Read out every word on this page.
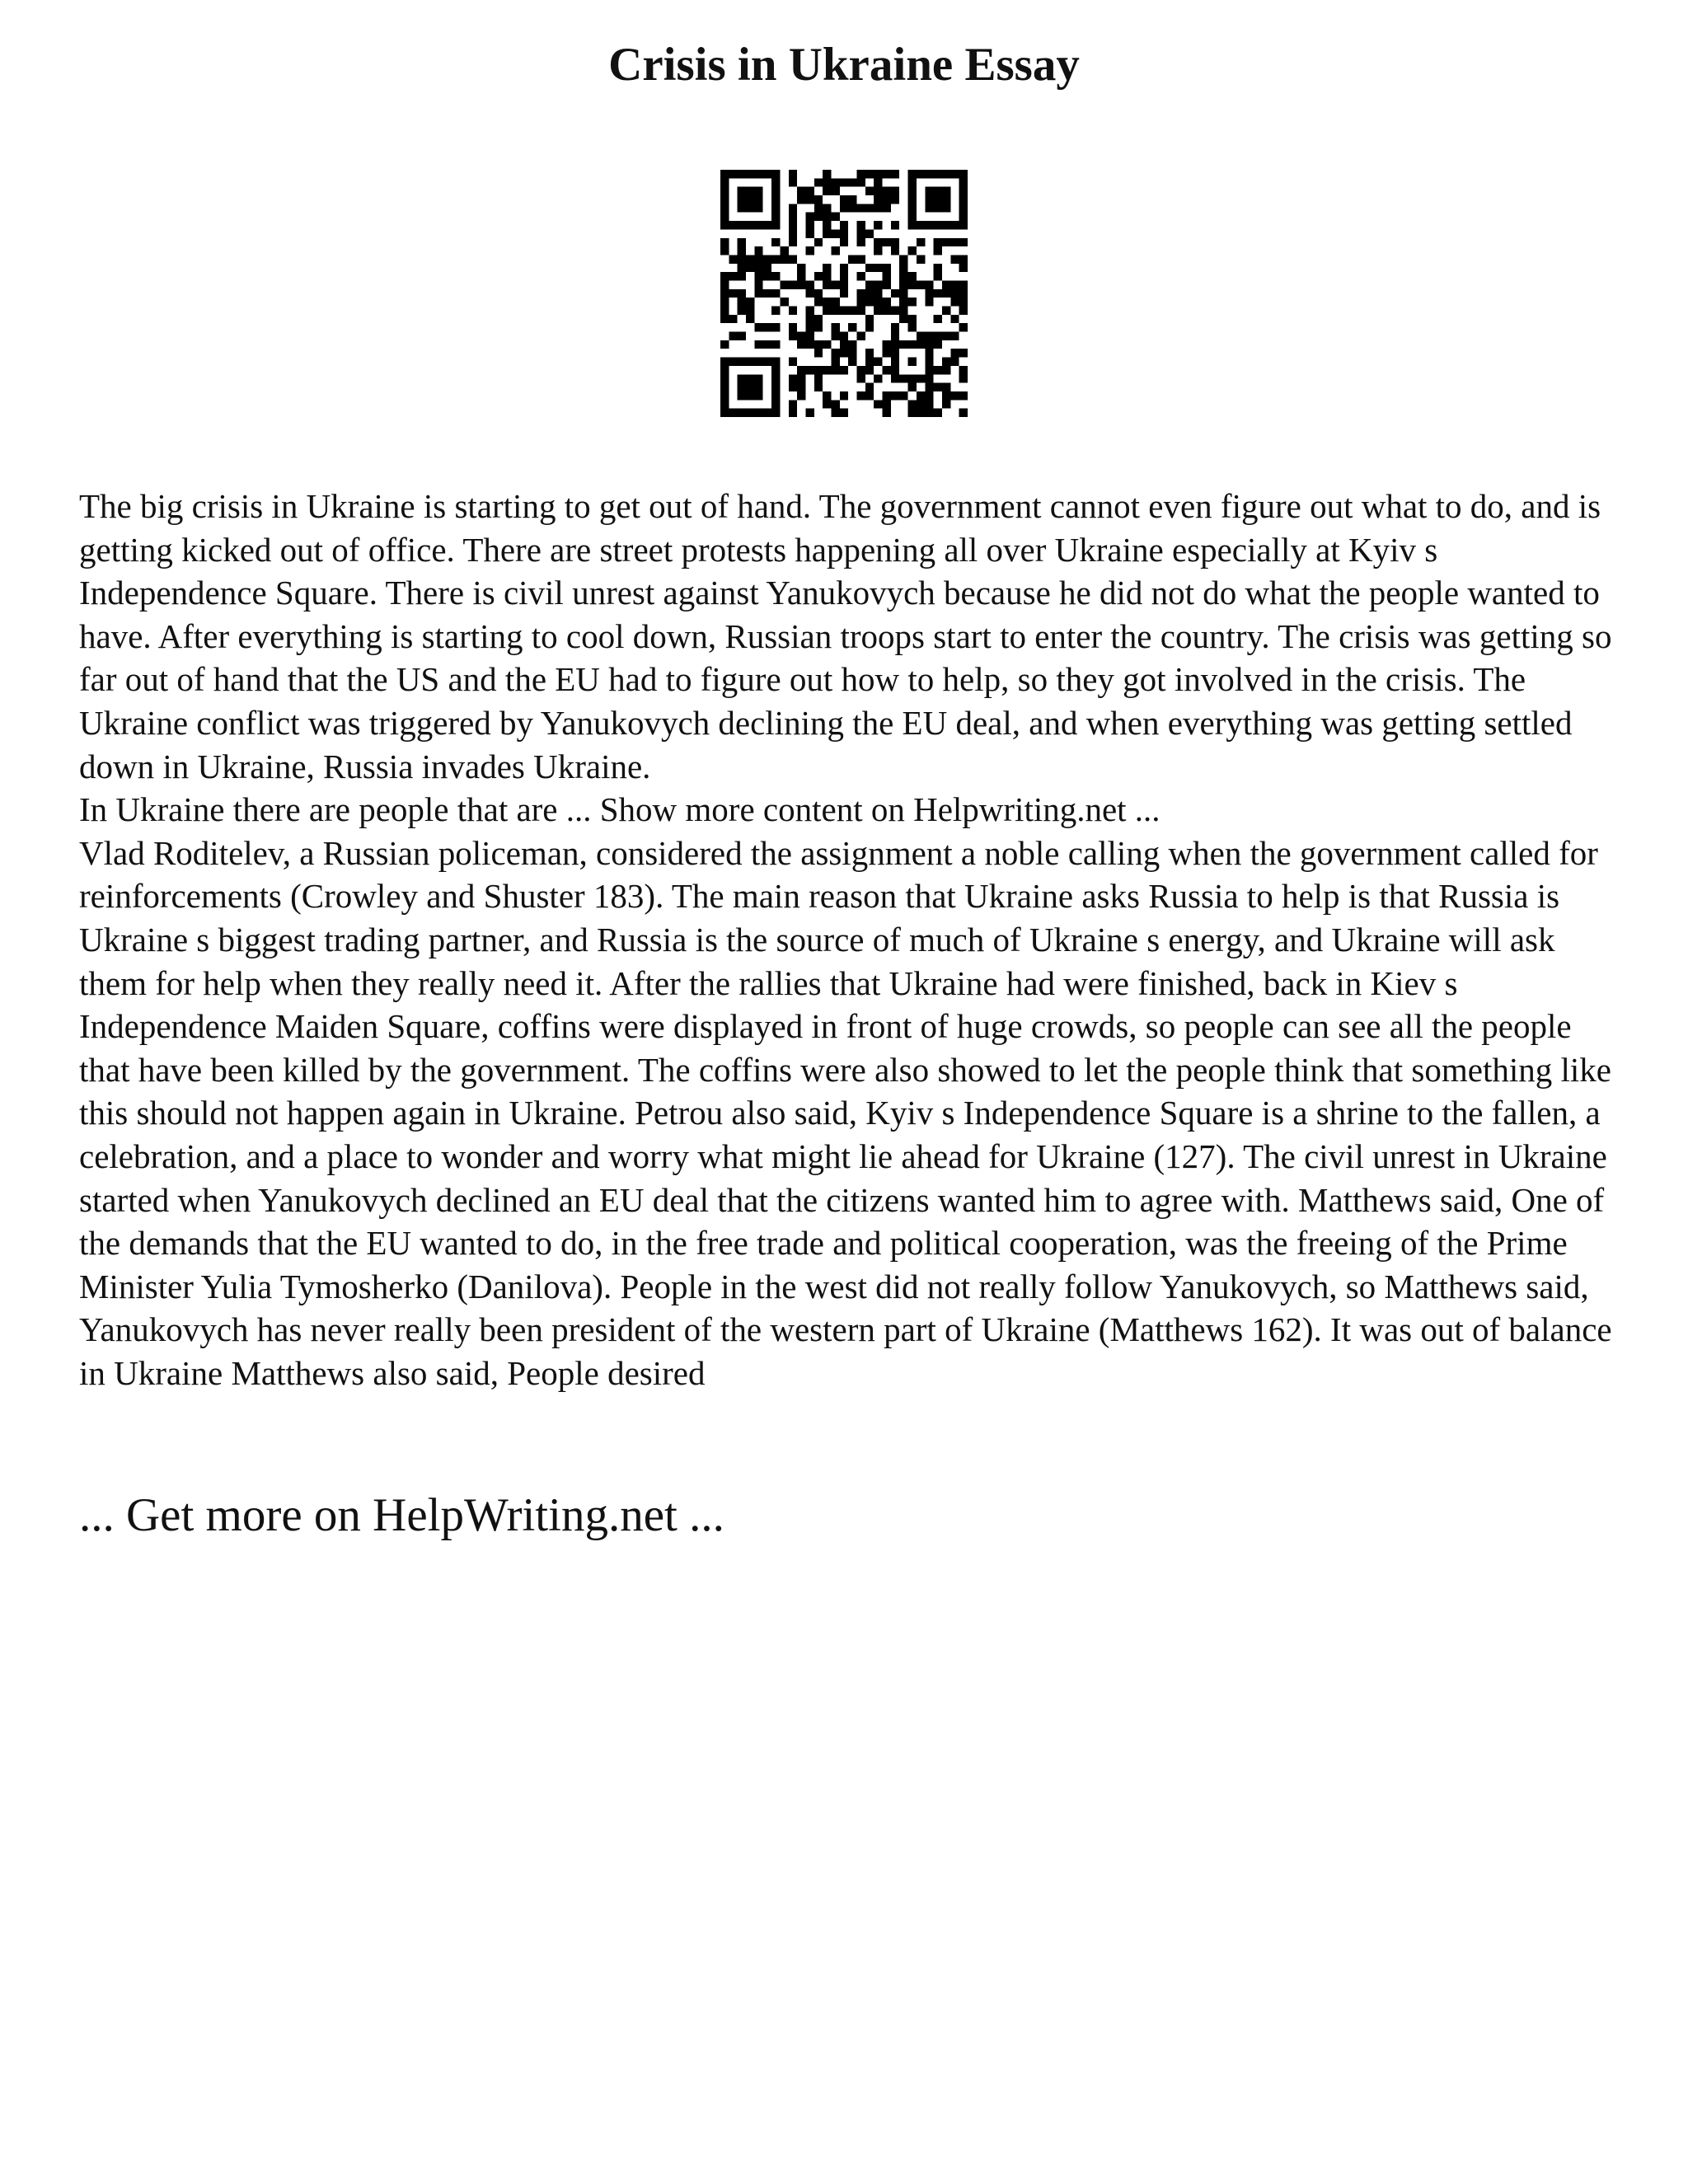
Crisis in Ukraine Essay

The big crisis in Ukraine is starting to get out of hand. The government cannot even figure out what to do, and is getting kicked out of office. There are street protests happening all over Ukraine especially at Kyiv s Independence Square. There is civil unrest against Yanukovych because he did not do what the people wanted to have. After everything is starting to cool down, Russian troops start to enter the country. The crisis was getting so far out of hand that the US and the EU had to figure out how to help, so they got involved in the crisis. The Ukraine conflict was triggered by Yanukovych declining the EU deal, and when everything was getting settled down in Ukraine, Russia invades Ukraine.

In Ukraine there are people that are ... Show more content on Helpwriting.net ...

Vlad Roditelev, a Russian policeman, considered the assignment a noble calling when the government called for reinforcements (Crowley and Shuster 183). The main reason that Ukraine asks Russia to help is that Russia is Ukraine s biggest trading partner, and Russia is the source of much of Ukraine s energy, and Ukraine will ask them for help when they really need it. After the rallies that Ukraine had were finished, back in Kiev s Independence Maiden Square, coffins were displayed in front of huge crowds, so people can see all the people that have been killed by the government. The coffins were also showed to let the people think that something like this should not happen again in Ukraine. Petrou also said, Kyiv s Independence Square is a shrine to the fallen, a celebration, and a place to wonder and worry what might lie ahead for Ukraine (127). The civil unrest in Ukraine started when Yanukovych declined an EU deal that the citizens wanted him to agree with. Matthews said, One of the demands that the EU wanted to do, in the free trade and political cooperation, was the freeing of the Prime Minister Yulia Tymosherko (Danilova). People in the west did not really follow Yanukovych, so Matthews said, Yanukovych has never really been president of the western part of Ukraine (Matthews 162). It was out of balance in Ukraine Matthews also said, People desired

... Get more on HelpWriting.net ...
